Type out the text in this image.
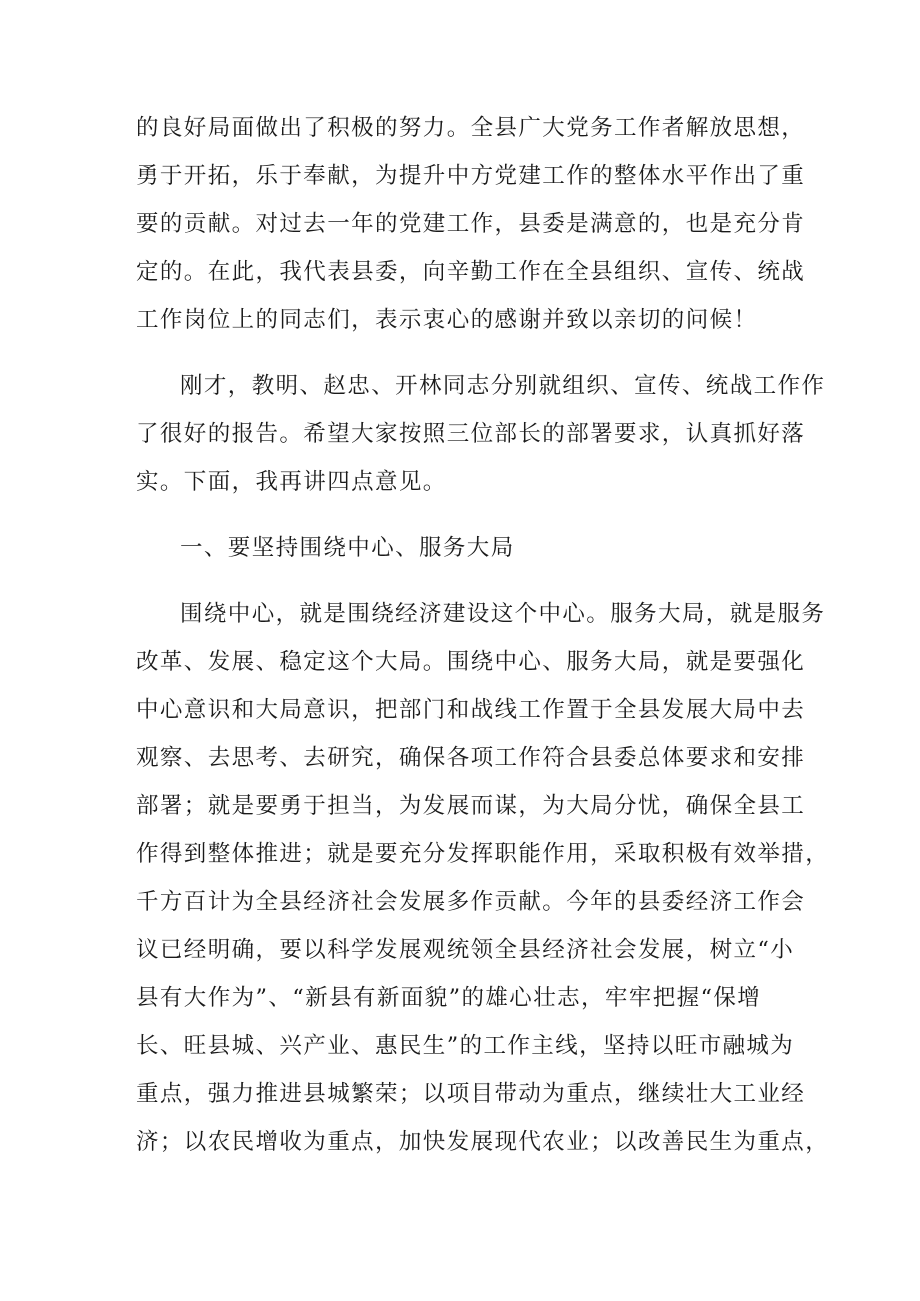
的良好局面做出了积极的努力。全县广大党务工作者解放思想，
勇于开拓，乐于奉献，为提升中方党建工作的整体水平作出了重
要的贡献。对过去一年的党建工作，县委是满意的，也是充分肯
定的。在此，我代表县委，向辛勤工作在全县组织、宣传、统战
工作岗位上的同志们，表示衷心的感谢并致以亲切的问候！
刚才，教明、赵忠、开林同志分别就组织、宣传、统战工作作
了很好的报告。希望大家按照三位部长的部署要求，认真抓好落
实。下面，我再讲四点意见。
一、要坚持围绕中心、服务大局
围绕中心，就是围绕经济建设这个中心。服务大局，就是服务
改革、发展、稳定这个大局。围绕中心、服务大局，就是要强化
中心意识和大局意识，把部门和战线工作置于全县发展大局中去
观察、去思考、去研究，确保各项工作符合县委总体要求和安排
部署；就是要勇于担当，为发展而谋，为大局分忧，确保全县工
作得到整体推进；就是要充分发挥职能作用，采取积极有效举措，
千方百计为全县经济社会发展多作贡献。今年的县委经济工作会
议已经明确，要以科学发展观统领全县经济社会发展，树立“小
县有大作为”、“新县有新面貌”的雄心壮志，牢牢把握“保增
长、旺县城、兴产业、惠民生”的工作主线，坚持以旺市融城为
重点，强力推进县城繁荣；以项目带动为重点，继续壮大工业经
济；以农民增收为重点，加快发展现代农业；以改善民生为重点，
